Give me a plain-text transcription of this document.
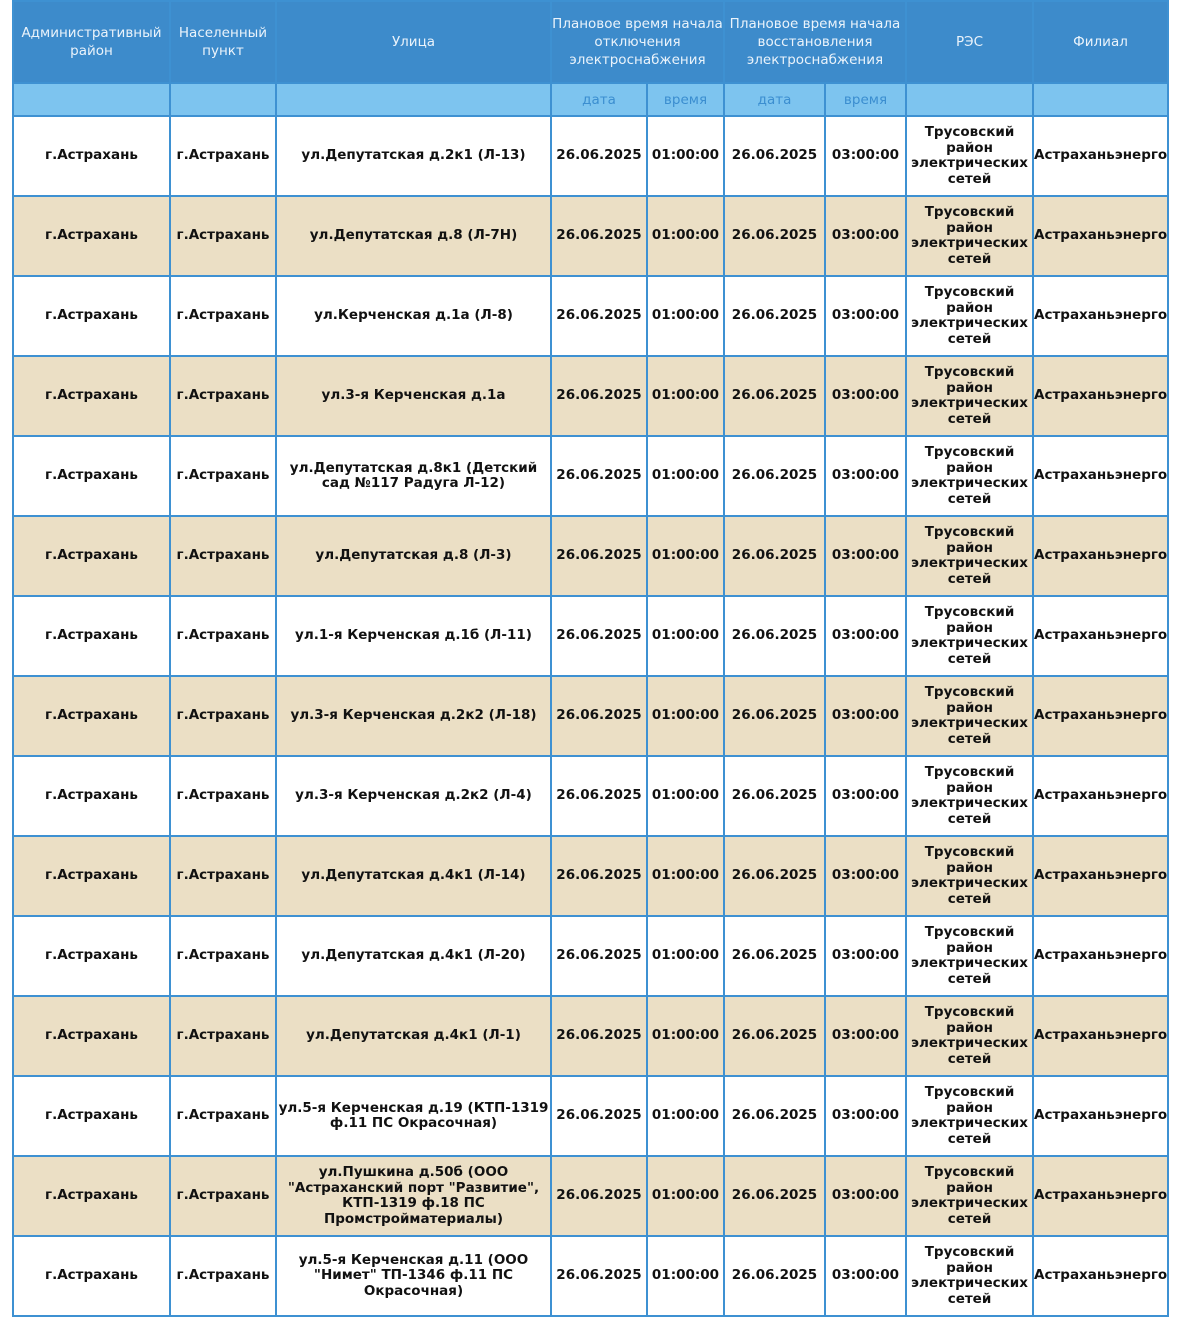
Административный район	Населенный пункт	Улица	Плановое время начала отключения электроснабжения		Плановое время начала восстановления электроснабжения		РЭС	Филиал
			дата	время	дата	время		
г.Астрахань	г.Астрахань	ул.Депутатская д.2к1 (Л-13)	26.06.2025	01:00:00	26.06.2025	03:00:00	Трусовский район электрических сетей	Астраханьэнерго
г.Астрахань	г.Астрахань	ул.Депутатская д.8 (Л-7Н)	26.06.2025	01:00:00	26.06.2025	03:00:00	Трусовский район электрических сетей	Астраханьэнерго
г.Астрахань	г.Астрахань	ул.Керченская д.1а (Л-8)	26.06.2025	01:00:00	26.06.2025	03:00:00	Трусовский район электрических сетей	Астраханьэнерго
г.Астрахань	г.Астрахань	ул.3-я Керченская д.1а	26.06.2025	01:00:00	26.06.2025	03:00:00	Трусовский район электрических сетей	Астраханьэнерго
г.Астрахань	г.Астрахань	ул.Депутатская д.8к1 (Детский сад №117 Радуга Л-12)	26.06.2025	01:00:00	26.06.2025	03:00:00	Трусовский район электрических сетей	Астраханьэнерго
г.Астрахань	г.Астрахань	ул.Депутатская д.8 (Л-3)	26.06.2025	01:00:00	26.06.2025	03:00:00	Трусовский район электрических сетей	Астраханьэнерго
г.Астрахань	г.Астрахань	ул.1-я Керченская д.1б (Л-11)	26.06.2025	01:00:00	26.06.2025	03:00:00	Трусовский район электрических сетей	Астраханьэнерго
г.Астрахань	г.Астрахань	ул.3-я Керченская д.2к2 (Л-18)	26.06.2025	01:00:00	26.06.2025	03:00:00	Трусовский район электрических сетей	Астраханьэнерго
г.Астрахань	г.Астрахань	ул.3-я Керченская д.2к2 (Л-4)	26.06.2025	01:00:00	26.06.2025	03:00:00	Трусовский район электрических сетей	Астраханьэнерго
г.Астрахань	г.Астрахань	ул.Депутатская д.4к1 (Л-14)	26.06.2025	01:00:00	26.06.2025	03:00:00	Трусовский район электрических сетей	Астраханьэнерго
г.Астрахань	г.Астрахань	ул.Депутатская д.4к1 (Л-20)	26.06.2025	01:00:00	26.06.2025	03:00:00	Трусовский район электрических сетей	Астраханьэнерго
г.Астрахань	г.Астрахань	ул.Депутатская д.4к1 (Л-1)	26.06.2025	01:00:00	26.06.2025	03:00:00	Трусовский район электрических сетей	Астраханьэнерго
г.Астрахань	г.Астрахань	ул.5-я Керченская д.19 (КТП-1319 ф.11 ПС Окрасочная)	26.06.2025	01:00:00	26.06.2025	03:00:00	Трусовский район электрических сетей	Астраханьэнерго
г.Астрахань	г.Астрахань	ул.Пушкина д.50б (ООО "Астраханский порт "Развитие", КТП-1319 ф.18 ПС Промстройматериалы)	26.06.2025	01:00:00	26.06.2025	03:00:00	Трусовский район электрических сетей	Астраханьэнерго
г.Астрахань	г.Астрахань	ул.5-я Керченская д.11 (ООО "Нимет" ТП-1346 ф.11 ПС Окрасочная)	26.06.2025	01:00:00	26.06.2025	03:00:00	Трусовский район электрических сетей	Астраханьэнерго
